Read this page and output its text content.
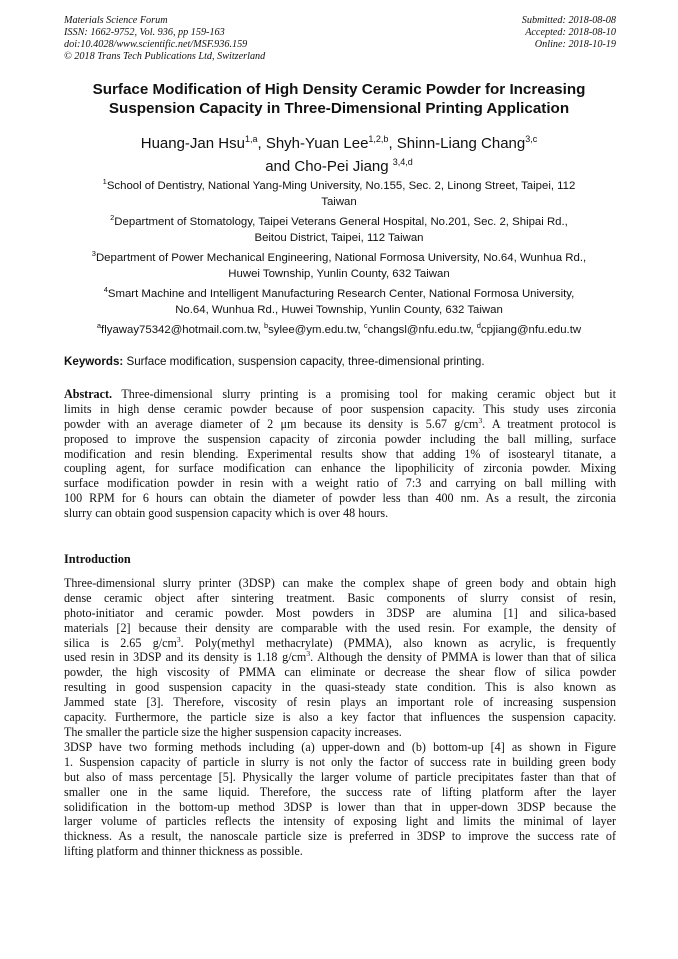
Materials Science Forum
ISSN: 1662-9752, Vol. 936, pp 159-163
doi:10.4028/www.scientific.net/MSF.936.159
© 2018 Trans Tech Publications Ltd, Switzerland
Submitted: 2018-08-08
Accepted: 2018-08-10
Online: 2018-10-19
Surface Modification of High Density Ceramic Powder for Increasing
Suspension Capacity in Three-Dimensional Printing Application
Huang-Jan Hsu$^{1,a}$, Shyh-Yuan Lee$^{1,2,b}$, Shinn-Liang Chang$^{3,c}$
and Cho-Pei Jiang $^{3,4,d}$
$^1$School of Dentistry, National Yang-Ming University, No.155, Sec. 2, Linong Street, Taipei, 112
Taiwan
$^2$Department of Stomatology, Taipei Veterans General Hospital, No.201, Sec. 2, Shipai Rd.,
Beitou District, Taipei, 112 Taiwan
$^3$Department of Power Mechanical Engineering, National Formosa University, No.64, Wunhua Rd.,
Huwei Township, Yunlin County, 632 Taiwan
$^4$Smart Machine and Intelligent Manufacturing Research Center, National Formosa University,
No.64, Wunhua Rd., Huwei Township, Yunlin County, 632 Taiwan
$^a$flyaway75342@hotmail.com.tw, $^b$sylee@ym.edu.tw, $^c$changsl@nfu.edu.tw, $^d$cpjiang@nfu.edu.tw
Keywords: Surface modification, suspension capacity, three-dimensional printing.
Abstract. Three-dimensional slurry printing is a promising tool for making ceramic object but it
limits in high dense ceramic powder because of poor suspension capacity. This study uses zirconia
powder with an average diameter of 2 μm because its density is 5.67 $g/cm^3$. A treatment protocol is
proposed to improve the suspension capacity of zirconia powder including the ball milling, surface
modification and resin blending. Experimental results show that adding 1% of isostearyl titanate, a
coupling agent, for surface modification can enhance the lipophilicity of zirconia powder. Mixing
surface modification powder in resin with a weight ratio of 7:3 and carrying on ball milling with
100 RPM for 6 hours can obtain the diameter of powder less than 400 nm. As a result, the zirconia
slurry can obtain good suspension capacity which is over 48 hours.
Introduction
Three-dimensional slurry printer (3DSP) can make the complex shape of green body and obtain high
dense ceramic object after sintering treatment. Basic components of slurry consist of resin,
photo-initiator and ceramic powder. Most powders in 3DSP are alumina [1] and silica-based
materials [2] because their density are comparable with the used resin. For example, the density of
silica is 2.65 $g/cm^3$. Poly(methyl methacrylate) (PMMA), also known as acrylic, is frequently
used resin in 3DSP and its density is 1.18 $g/cm^3$. Although the density of PMMA is lower than that of silica
powder, the high viscosity of PMMA can eliminate or decrease the shear flow of silica powder
resulting in good suspension capacity in the quasi-steady state condition. This is also known as
Jammed state [3]. Therefore, viscosity of resin plays an important role of increasing suspension
capacity. Furthermore, the particle size is also a key factor that influences the suspension capacity.
The smaller the particle size the higher suspension capacity increases.
3DSP have two forming methods including (a) upper-down and (b) bottom-up [4] as shown in Figure
1. Suspension capacity of particle in slurry is not only the factor of success rate in building green body
but also of mass percentage [5]. Physically the larger volume of particle precipitates faster than that of
smaller one in the same liquid. Therefore, the success rate of lifting platform after the layer
solidification in the bottom-up method 3DSP is lower than that in upper-down 3DSP because the
larger volume of particles reflects the intensity of exposing light and limits the minimal of layer
thickness. As a result, the nanoscale particle size is preferred in 3DSP to improve the success rate of
lifting platform and thinner thickness as possible.
